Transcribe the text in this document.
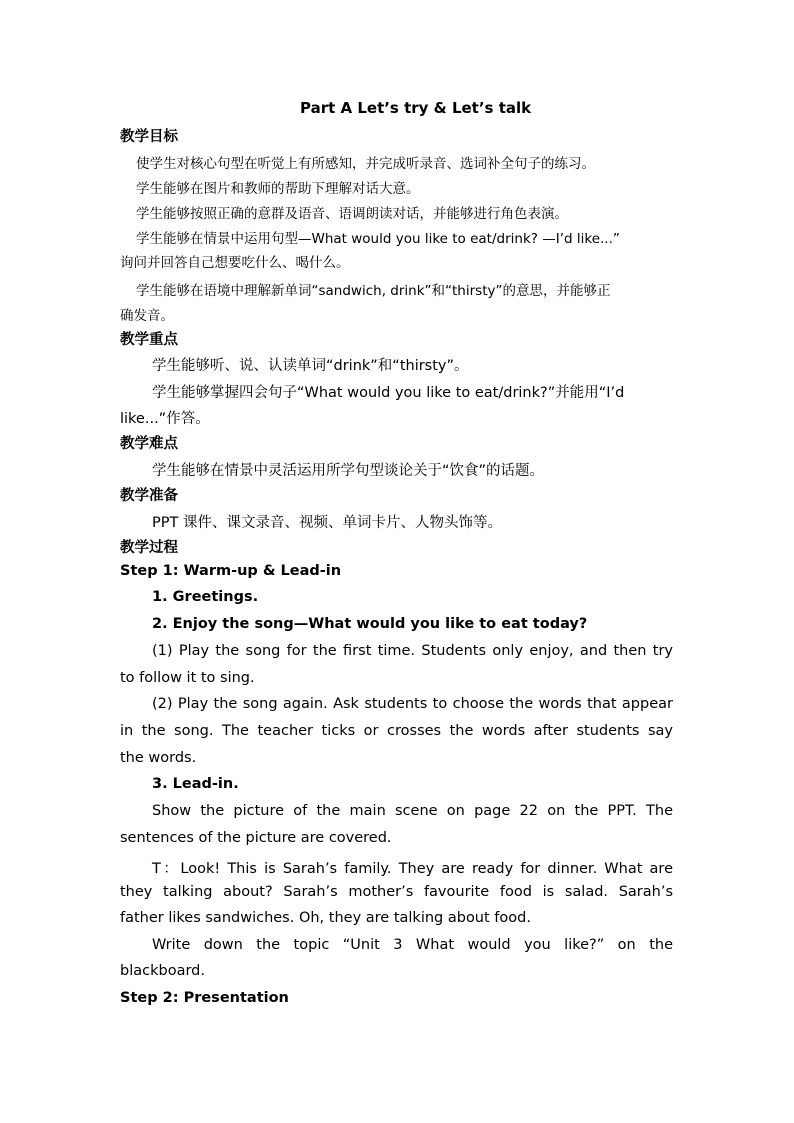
Part A Let’s try & Let’s talk
教学目标
使学生对核心句型在听觉上有所感知，并完成听录音、选词补全句子的练习。
学生能够在图片和教师的帮助下理解对话大意。
学生能够按照正确的意群及语音、语调朗读对话，并能够进行角色表演。
学生能够在情景中运用句型—What would you like to eat/drink? —I’d like...”
询问并回答自己想要吃什么、喝什么。
学生能够在语境中理解新单词“sandwich, drink”和“thirsty”的意思，并能够正
确发音。
教学重点
学生能够听、说、认读单词“drink”和“thirsty”。
学生能够掌握四会句子“What would you like to eat/drink?”并能用“I’d
like...”作答。
教学难点
学生能够在情景中灵活运用所学句型谈论关于“饮食”的话题。
教学准备
PPT 课件、课文录音、视频、单词卡片、人物头饰等。
教学过程
Step 1: Warm-up & Lead-in
1. Greetings.
2. Enjoy the song—What would you like to eat today?
(1) Play the song for the first time. Students only enjoy, and then try
to follow it to sing.
(2) Play the song again. Ask students to choose the words that appear
in the song. The teacher ticks or crosses the words after students say
the words.
3. Lead-in.
Show the picture of the main scene on page 22 on the PPT. The
sentences of the picture are covered.
T：Look! This is Sarah’s family. They are ready for dinner. What are
they talking about? Sarah’s mother’s favourite food is salad. Sarah’s
father likes sandwiches. Oh, they are talking about food.
Write down the topic “Unit 3 What would you like?” on the
blackboard.
Step 2: Presentation
